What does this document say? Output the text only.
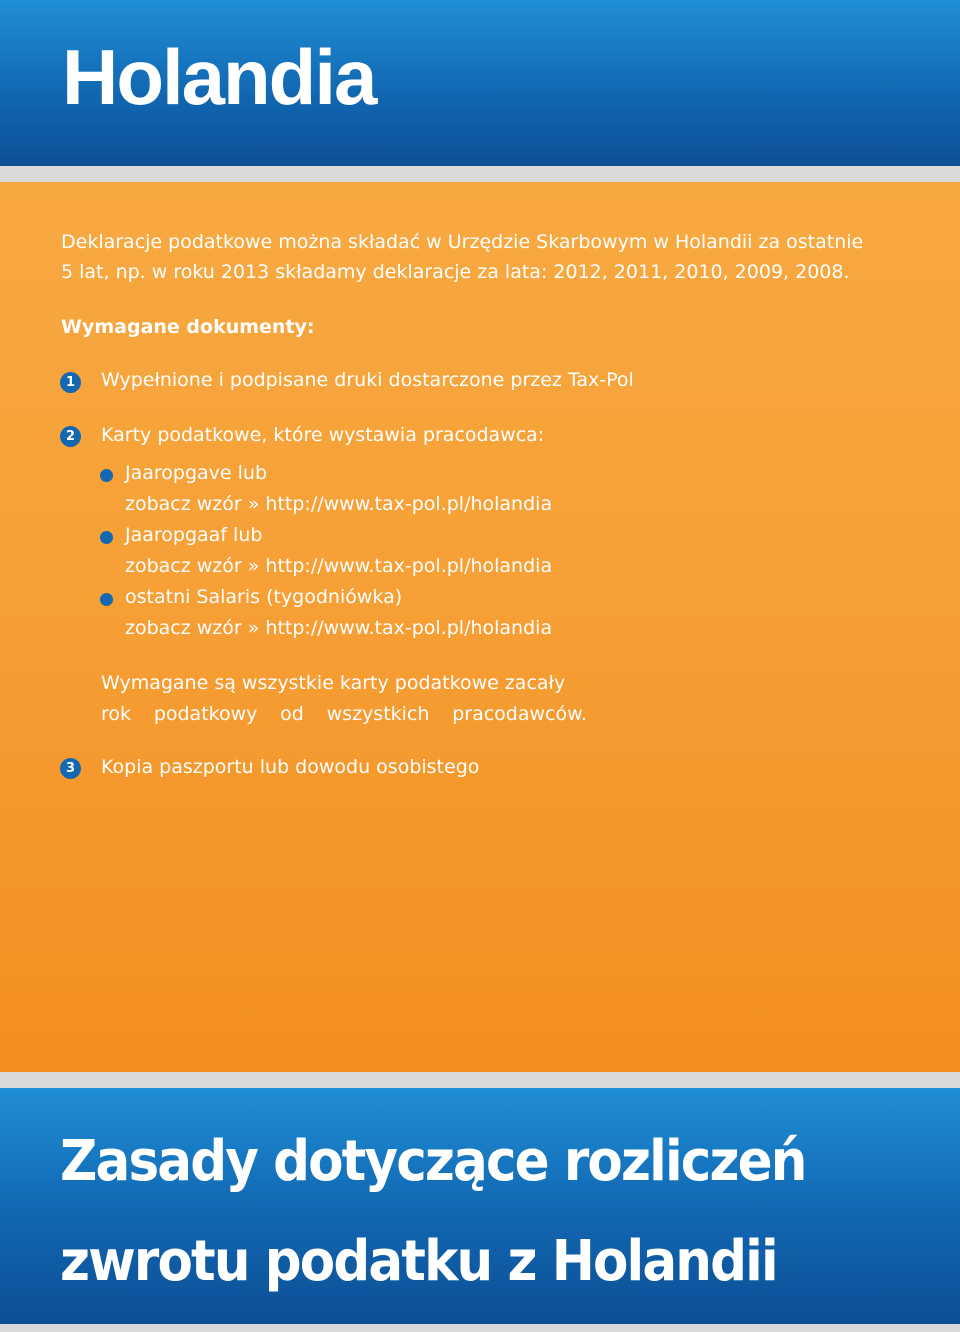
Holandia
Deklaracje podatkowe można składać w Urzędzie Skarbowym w Holandii za ostatnie
5 lat, np. w roku 2013 składamy deklaracje za lata: 2012, 2011, 2010, 2009, 2008.
Wymagane dokumenty:
1	Wypełnione i podpisane druki dostarczone przez Tax-Pol
2	Karty podatkowe, które wystawia pracodawca:
Jaaropgave lub
zobacz wzór » http://www.tax-pol.pl/holandia
Jaaropgaaf lub
zobacz wzór » http://www.tax-pol.pl/holandia
ostatni Salaris (tygodniówka)
zobacz wzór » http://www.tax-pol.pl/holandia
Wymagane są wszystkie karty podatkowe zacały
rok podatkowy od wszystkich pracodawców.
3	Kopia paszportu lub dowodu osobistego
Zasady dotyczące rozliczeń
zwrotu podatku z Holandii
